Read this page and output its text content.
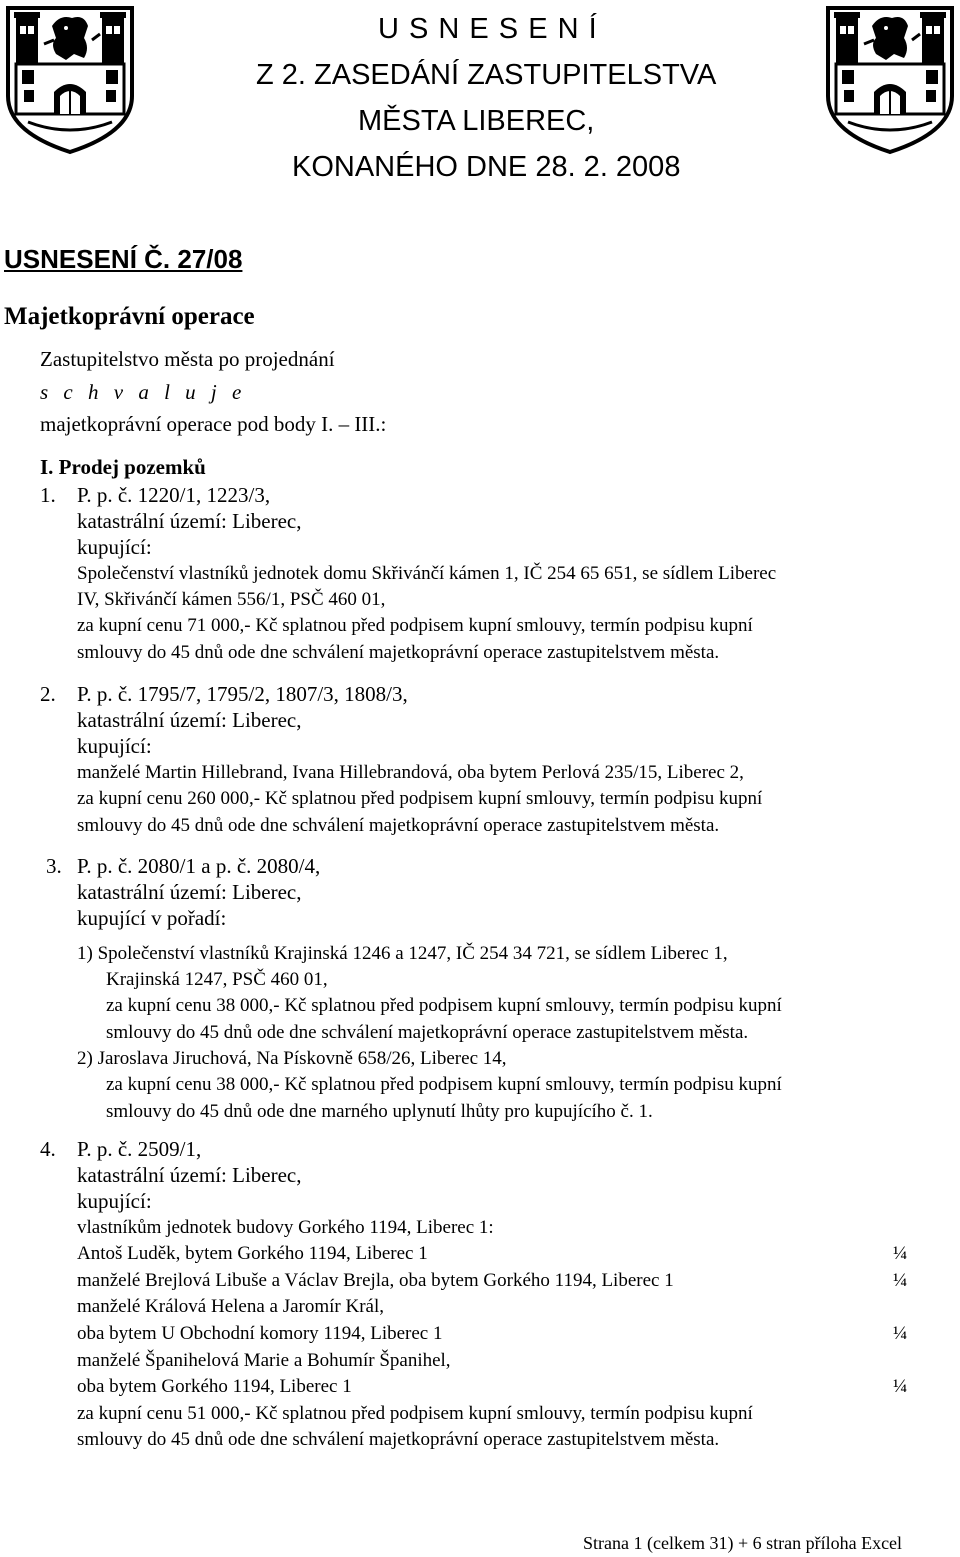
U S N E S E N Í
Z 2. ZASEDÁNÍ ZASTUPITELSTVA
MĚSTA LIBEREC,
KONANÉHO DNE 28. 2. 2008
USNESENÍ Č. 27/08
Majetkoprávní operace
Zastupitelstvo města po projednání
s c h v a l u j e
majetkoprávní operace pod body I. – III.:
I. Prodej pozemků
1. P. p. č. 1220/1, 1223/3,
katastrální území: Liberec,
kupující:
Společenství vlastníků jednotek domu Skřivánčí kámen 1, IČ 254 65 651, se sídlem Liberec
IV, Skřivánčí kámen 556/1, PSČ 460 01,
za kupní cenu 71 000,- Kč splatnou před podpisem kupní smlouvy, termín podpisu kupní
smlouvy do 45 dnů ode dne schválení majetkoprávní operace zastupitelstvem města.
2. P. p. č. 1795/7, 1795/2, 1807/3, 1808/3,
katastrální území: Liberec,
kupující:
manželé Martin Hillebrand, Ivana Hillebrandová, oba bytem Perlová 235/15, Liberec 2,
za kupní cenu 260 000,- Kč splatnou před podpisem kupní smlouvy, termín podpisu kupní
smlouvy do 45 dnů ode dne schválení majetkoprávní operace zastupitelstvem města.
3. P. p. č. 2080/1 a p. č. 2080/4,
katastrální území: Liberec,
kupující v pořadí:
1) Společenství vlastníků Krajinská 1246 a 1247, IČ 254 34 721, se sídlem Liberec 1,
Krajinská 1247, PSČ 460 01,
za kupní cenu 38 000,- Kč splatnou před podpisem kupní smlouvy, termín podpisu kupní
smlouvy do 45 dnů ode dne schválení majetkoprávní operace zastupitelstvem města.
2) Jaroslava Jiruchová, Na Pískovně 658/26, Liberec 14,
za kupní cenu 38 000,- Kč splatnou před podpisem kupní smlouvy, termín podpisu kupní
smlouvy do 45 dnů ode dne marného uplynutí lhůty pro kupujícího č. 1.
4. P. p. č. 2509/1,
katastrální území: Liberec,
kupující:
vlastníkům jednotek budovy Gorkého 1194, Liberec 1:
Antoš Luděk, bytem Gorkého 1194, Liberec 1	¼
manželé Brejlová Libuše a Václav Brejla, oba bytem Gorkého 1194, Liberec 1	¼
manželé Králová Helena a Jaromír Král,
oba bytem U Obchodní komory 1194, Liberec 1	¼
manželé Španihelová Marie a Bohumír Španihel,
oba bytem Gorkého 1194, Liberec 1	¼
za kupní cenu 51 000,- Kč splatnou před podpisem kupní smlouvy, termín podpisu kupní
smlouvy do 45 dnů ode dne schválení majetkoprávní operace zastupitelstvem města.
Strana 1 (celkem 31) + 6 stran příloha Excel
